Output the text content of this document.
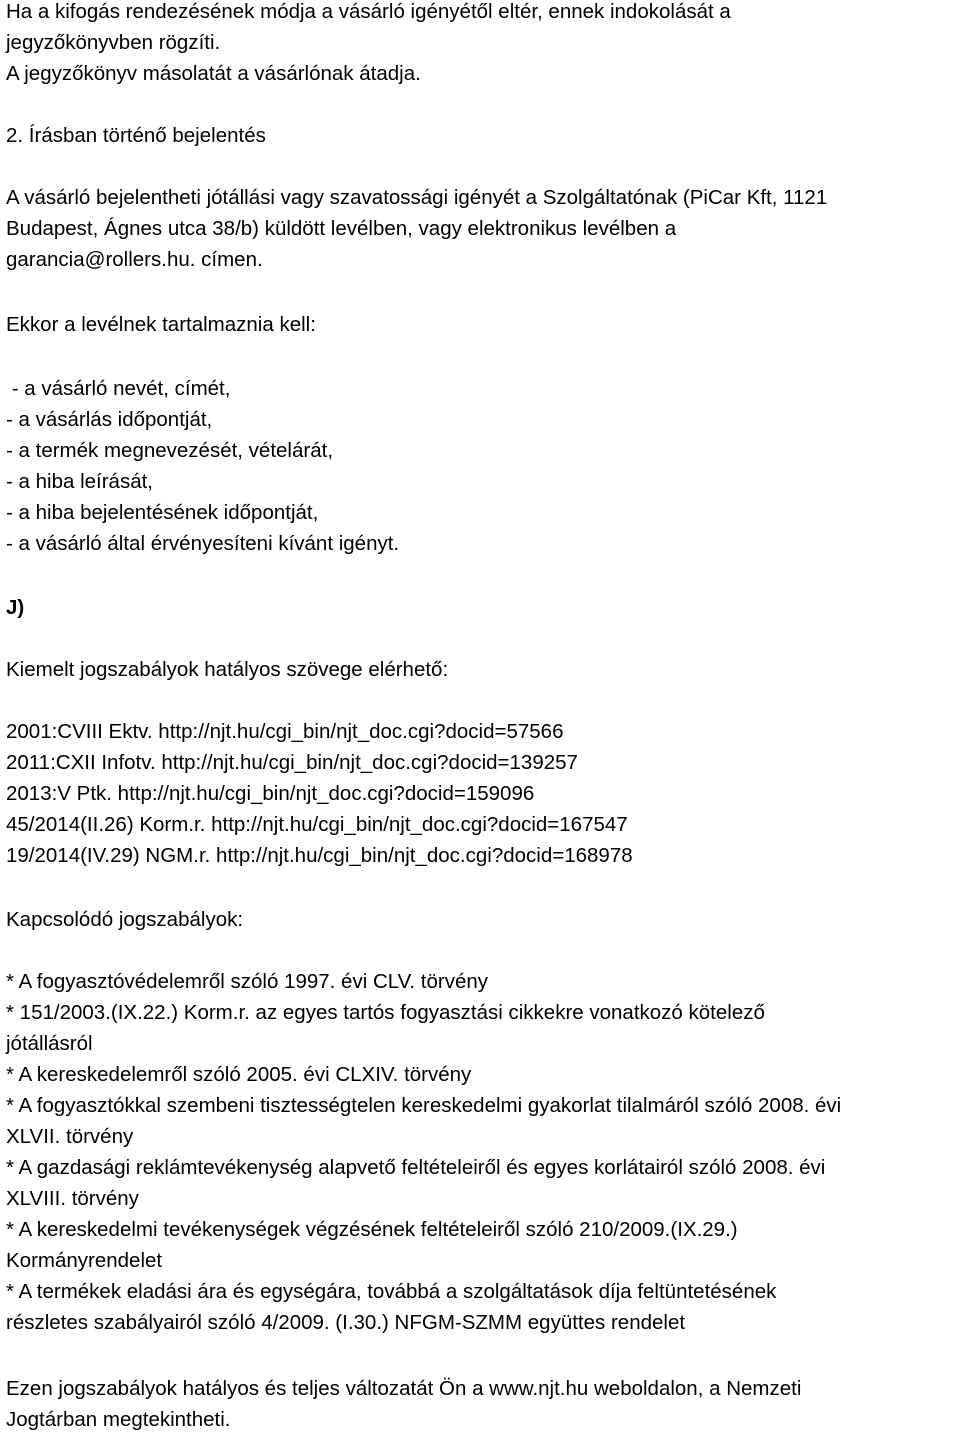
Ha a kifogás rendezésének módja a vásárló igényétől eltér, ennek indokolását a
jegyzőkönyvben rögzíti.
A jegyzőkönyv másolatát a vásárlónak átadja.
2. Írásban történő bejelentés
A vásárló bejelentheti jótállási vagy szavatossági igényét a Szolgáltatónak (PiCar Kft, 1121
Budapest, Ágnes utca 38/b) küldött levélben, vagy elektronikus levélben a
garancia@rollers.hu. címen.
Ekkor a levélnek tartalmaznia kell:
- a vásárló nevét, címét,
- a vásárlás időpontját,
- a termék megnevezését, vételárát,
- a hiba leírását,
- a hiba bejelentésének időpontját,
- a vásárló által érvényesíteni kívánt igényt.
J)
Kiemelt jogszabályok hatályos szövege elérhető:
2001:CVIII Ektv. http://njt.hu/cgi_bin/njt_doc.cgi?docid=57566
2011:CXII Infotv. http://njt.hu/cgi_bin/njt_doc.cgi?docid=139257
2013:V Ptk. http://njt.hu/cgi_bin/njt_doc.cgi?docid=159096
45/2014(II.26) Korm.r. http://njt.hu/cgi_bin/njt_doc.cgi?docid=167547
19/2014(IV.29) NGM.r. http://njt.hu/cgi_bin/njt_doc.cgi?docid=168978
Kapcsolódó jogszabályok:
* A fogyasztóvédelemről szóló 1997. évi CLV. törvény
* 151/2003.(IX.22.) Korm.r. az egyes tartós fogyasztási cikkekre vonatkozó kötelező
jótállásról
* A kereskedelemről szóló 2005. évi CLXIV. törvény
* A fogyasztókkal szembeni tisztességtelen kereskedelmi gyakorlat tilalmáról szóló 2008. évi
XLVII. törvény
* A gazdasági reklámtevékenység alapvető feltételeiről és egyes korlátairól szóló 2008. évi
XLVIII. törvény
* A kereskedelmi tevékenységek végzésének feltételeiről szóló 210/2009.(IX.29.)
Kormányrendelet
* A termékek eladási ára és egységára, továbbá a szolgáltatások díja feltüntetésének
részletes szabályairól szóló 4/2009. (I.30.) NFGM-SZMM együttes rendelet
Ezen jogszabályok hatályos és teljes változatát Ön a www.njt.hu weboldalon, a Nemzeti
Jogtárban megtekintheti.
